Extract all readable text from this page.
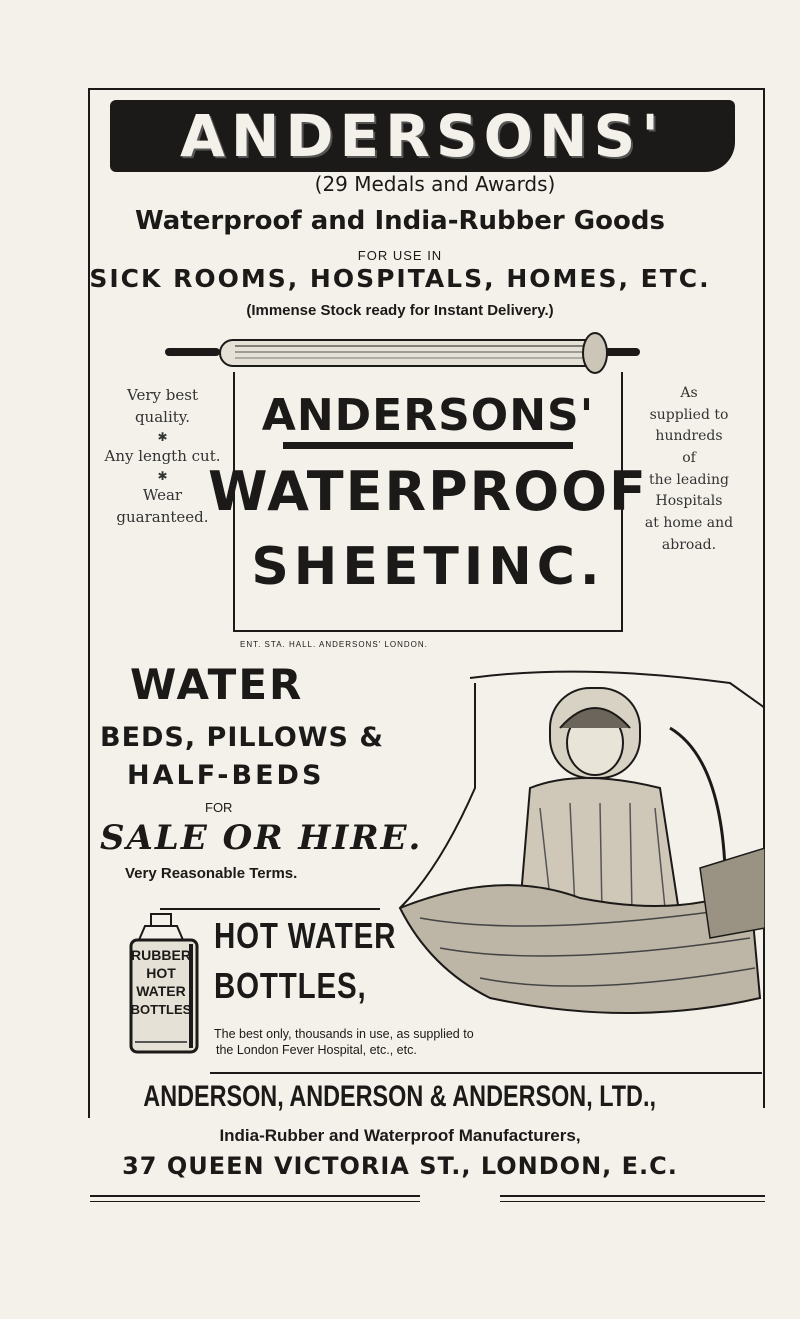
ANDERSONS'
(29 Medals and Awards)
Waterproof and India-Rubber Goods
FOR USE IN
SICK ROOMS, HOSPITALS, HOMES, ETC.
(Immense Stock ready for Instant Delivery.)
ANDERSONS'
WATERPROOF
SHEETINC.
ENT. STA. HALL. ANDERSONS' LONDON.
Very best quality.
✱
Any length cut.
✱
Wear guaranteed.
As
supplied to
hundreds
of
the leading
Hospitals
at home and
abroad.
WATER
BEDS, PILLOWS &
HALF-BEDS
FOR
SALE OR HIRE.
Very Reasonable Terms.
RUBBER
HOT
WATER
BOTTLES
HOT WATER
BOTTLES,
The best only, thousands in use, as supplied to
the London Fever Hospital, etc., etc.
ANDERSON, ANDERSON & ANDERSON, LTD.,
India-Rubber and Waterproof Manufacturers,
37 QUEEN VICTORIA ST., LONDON, E.C.
